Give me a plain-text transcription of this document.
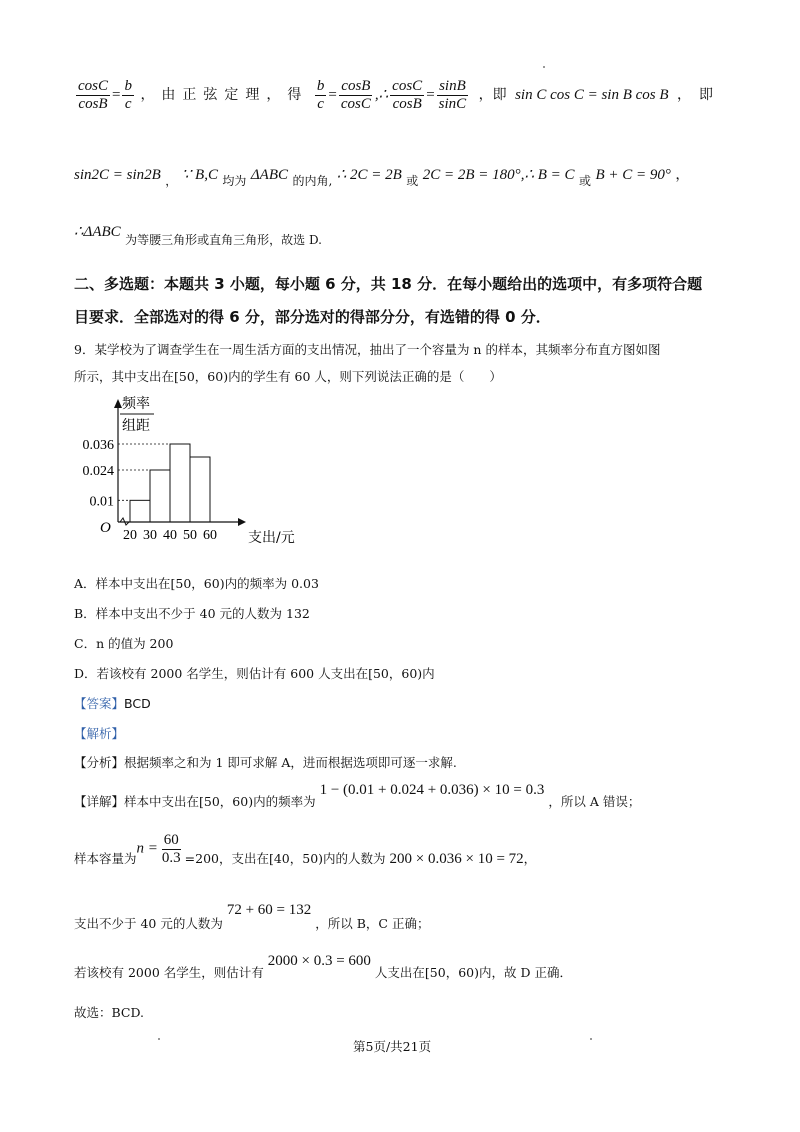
$\frac{\cos C}{\cos B} = \frac{b}{c}$ ，由正弦定理，得 $\frac{b}{c} = \frac{\cos B}{\cos C}$ ,∴ $\frac{\cos C}{\cos B} = \frac{\sin B}{\sin C}$ ，即 sin C cos C = sin B cos B ，即
sin2C = sin2B ， ∵ B,C 均为 ΔABC 的内角, ∴ 2C = 2B 或 2C = 2B = 180°,∴ B = C 或 B + C = 90° ，
∴ΔABC 为等腰三角形或直角三角形，故选 D.
二、多选题：本题共 3 小题，每小题 6 分，共 18 分．在每小题给出的选项中，有多项符合题
目要求．全部选对的得 6 分，部分选对的得部分分，有选错的得 0 分．
9．某学校为了调查学生在一周生活方面的支出情况，抽出了一个容量为 n 的样本，其频率分布直方图如图
所示，其中支出在[50，60)内的学生有 60 人，则下列说法正确的是（　　）
频率
组距
0.036
0.024
0.01
20 30 40 50 60
O
支出/元
A．样本中支出在[50，60)内的频率为 0.03
B．样本中支出不少于 40 元的人数为 132
C．n 的值为 200
D．若该校有 2000 名学生，则估计有 600 人支出在[50，60)内
【答案】BCD
【解析】
【分析】根据频率之和为 1 即可求解 A，进而根据选项即可逐一求解.
【详解】样本中支出在[50，60)内的频率为 1 − (0.01 + 0.024 + 0.036) × 10 = 0.3 ，所以 A 错误；
样本容量为$n = \frac{60}{0.3} =200$，支出在[40，50)内的人数为 200 × 0.036 × 10 = 72，
支出不少于 40 元的人数为 72 + 60 = 132 ，所以 B，C 正确；
若该校有 2000 名学生，则估计有 2000 × 0.3 = 600 人支出在[50，60)内，故 D 正确．
故选：BCD.
第5页/共21页
